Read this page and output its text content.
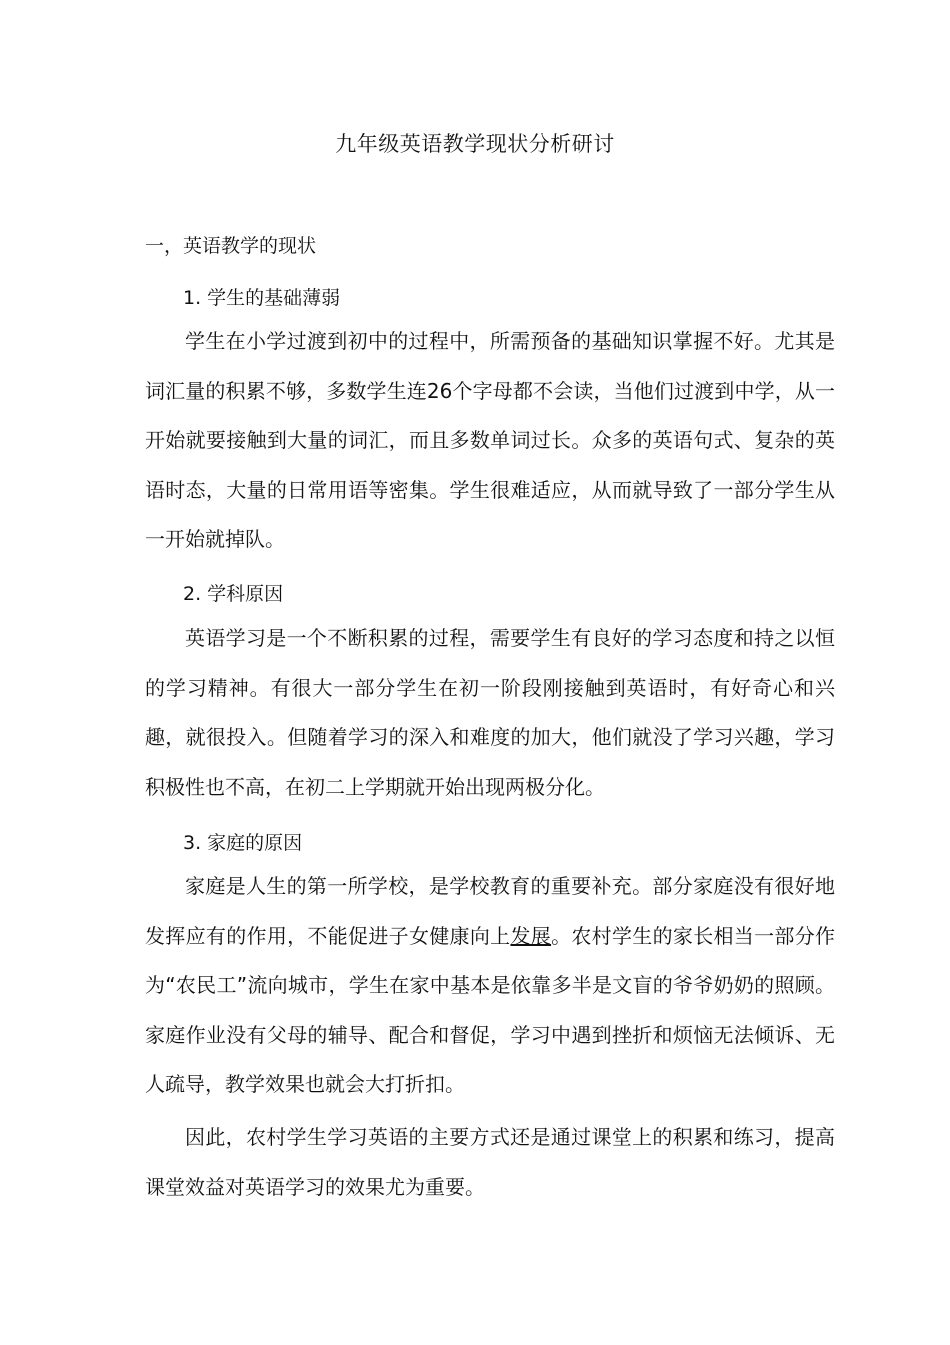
九年级英语教学现状分析研讨
一，英语教学的现状
1. 学生的基础薄弱

学生在小学过渡到初中的过程中，所需预备的基础知识掌握不好。尤其是词汇量的积累不够，多数学生连26个字母都不会读，当他们过渡到中学，从一开始就要接触到大量的词汇，而且多数单词过长。众多的英语句式、复杂的英语时态，大量的日常用语等密集。学生很难适应，从而就导致了一部分学生从一开始就掉队。

2. 学科原因

英语学习是一个不断积累的过程，需要学生有良好的学习态度和持之以恒的学习精神。有很大一部分学生在初一阶段刚接触到英语时，有好奇心和兴趣，就很投入。但随着学习的深入和难度的加大，他们就没了学习兴趣，学习积极性也不高，在初二上学期就开始出现两极分化。

3. 家庭的原因

家庭是人生的第一所学校，是学校教育的重要补充。部分家庭没有很好地发挥应有的作用，不能促进子女健康向上发展。农村学生的家长相当一部分作为“农民工”流向城市，学生在家中基本是依靠多半是文盲的爷爷奶奶的照顾。家庭作业没有父母的辅导、配合和督促，学习中遇到挫折和烦恼无法倾诉、无人疏导，教学效果也就会大打折扣。

因此，农村学生学习英语的主要方式还是通过课堂上的积累和练习，提高课堂效益对英语学习的效果尤为重要。
